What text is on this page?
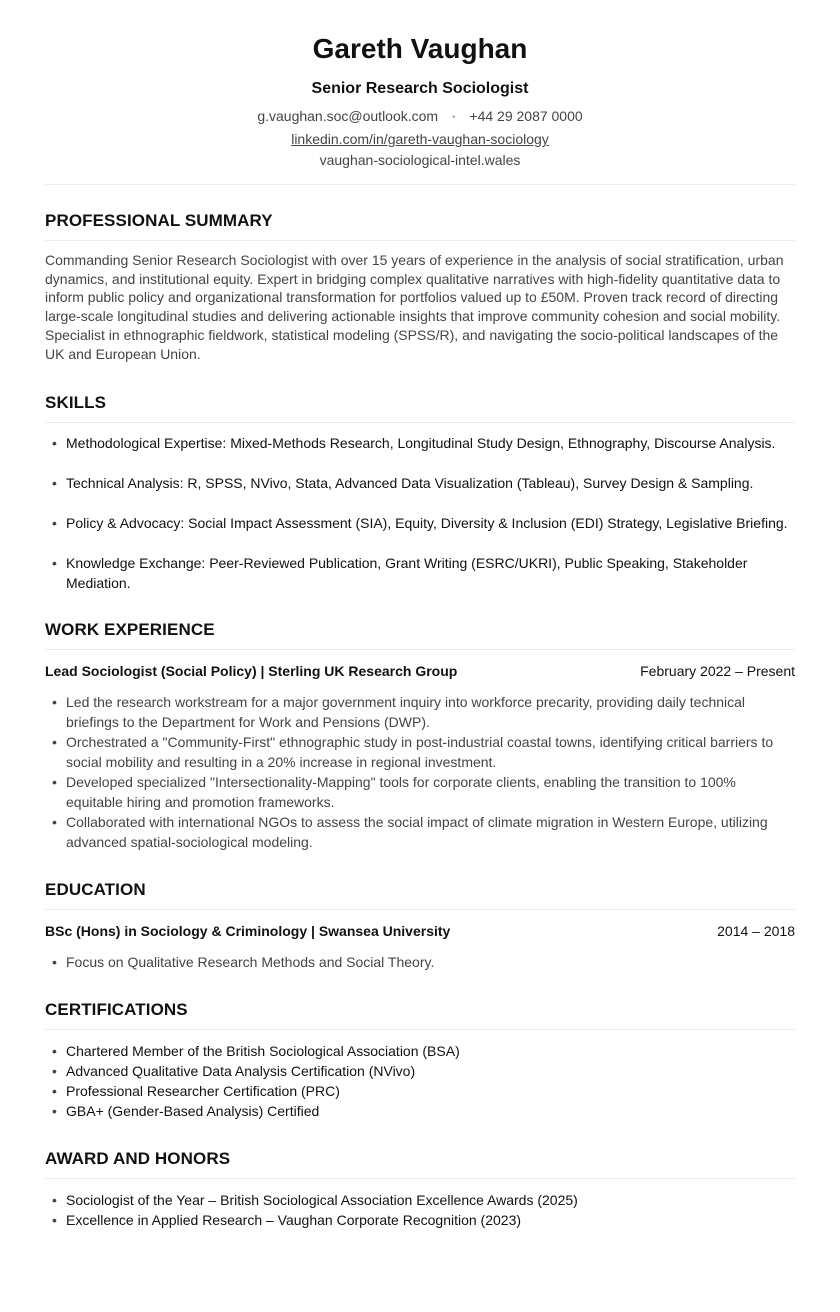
Gareth Vaughan
Senior Research Sociologist
g.vaughan.soc@outlook.com • +44 29 2087 0000
linkedin.com/in/gareth-vaughan-sociology
vaughan-sociological-intel.wales
PROFESSIONAL SUMMARY

Commanding Senior Research Sociologist with over 15 years of experience in the analysis of social stratification, urban dynamics, and institutional equity. Expert in bridging complex qualitative narratives with high-fidelity quantitative data to inform public policy and organizational transformation for portfolios valued up to £50M. Proven track record of directing large-scale longitudinal studies and delivering actionable insights that improve community cohesion and social mobility. Specialist in ethnographic fieldwork, statistical modeling (SPSS/R), and navigating the socio-political landscapes of the UK and European Union.

SKILLS
• Methodological Expertise: Mixed-Methods Research, Longitudinal Study Design, Ethnography, Discourse Analysis.
• Technical Analysis: R, SPSS, NVivo, Stata, Advanced Data Visualization (Tableau), Survey Design & Sampling.
• Policy & Advocacy: Social Impact Assessment (SIA), Equity, Diversity & Inclusion (EDI) Strategy, Legislative Briefing.
• Knowledge Exchange: Peer-Reviewed Publication, Grant Writing (ESRC/UKRI), Public Speaking, Stakeholder Mediation.
WORK EXPERIENCE
Lead Sociologist (Social Policy) | Sterling UK Research Group	February 2022 – Present
• Led the research workstream for a major government inquiry into workforce precarity, providing daily technical briefings to the Department for Work and Pensions (DWP).
• Orchestrated a "Community-First" ethnographic study in post-industrial coastal towns, identifying critical barriers to social mobility and resulting in a 20% increase in regional investment.
• Developed specialized "Intersectionality-Mapping" tools for corporate clients, enabling the transition to 100% equitable hiring and promotion frameworks.
• Collaborated with international NGOs to assess the social impact of climate migration in Western Europe, utilizing advanced spatial-sociological modeling.
EDUCATION
BSc (Hons) in Sociology & Criminology | Swansea University	2014 – 2018
• Focus on Qualitative Research Methods and Social Theory.
CERTIFICATIONS
• Chartered Member of the British Sociological Association (BSA)
• Advanced Qualitative Data Analysis Certification (NVivo)
• Professional Researcher Certification (PRC)
• GBA+ (Gender-Based Analysis) Certified
AWARD AND HONORS
• Sociologist of the Year – British Sociological Association Excellence Awards (2025)
• Excellence in Applied Research – Vaughan Corporate Recognition (2023)
